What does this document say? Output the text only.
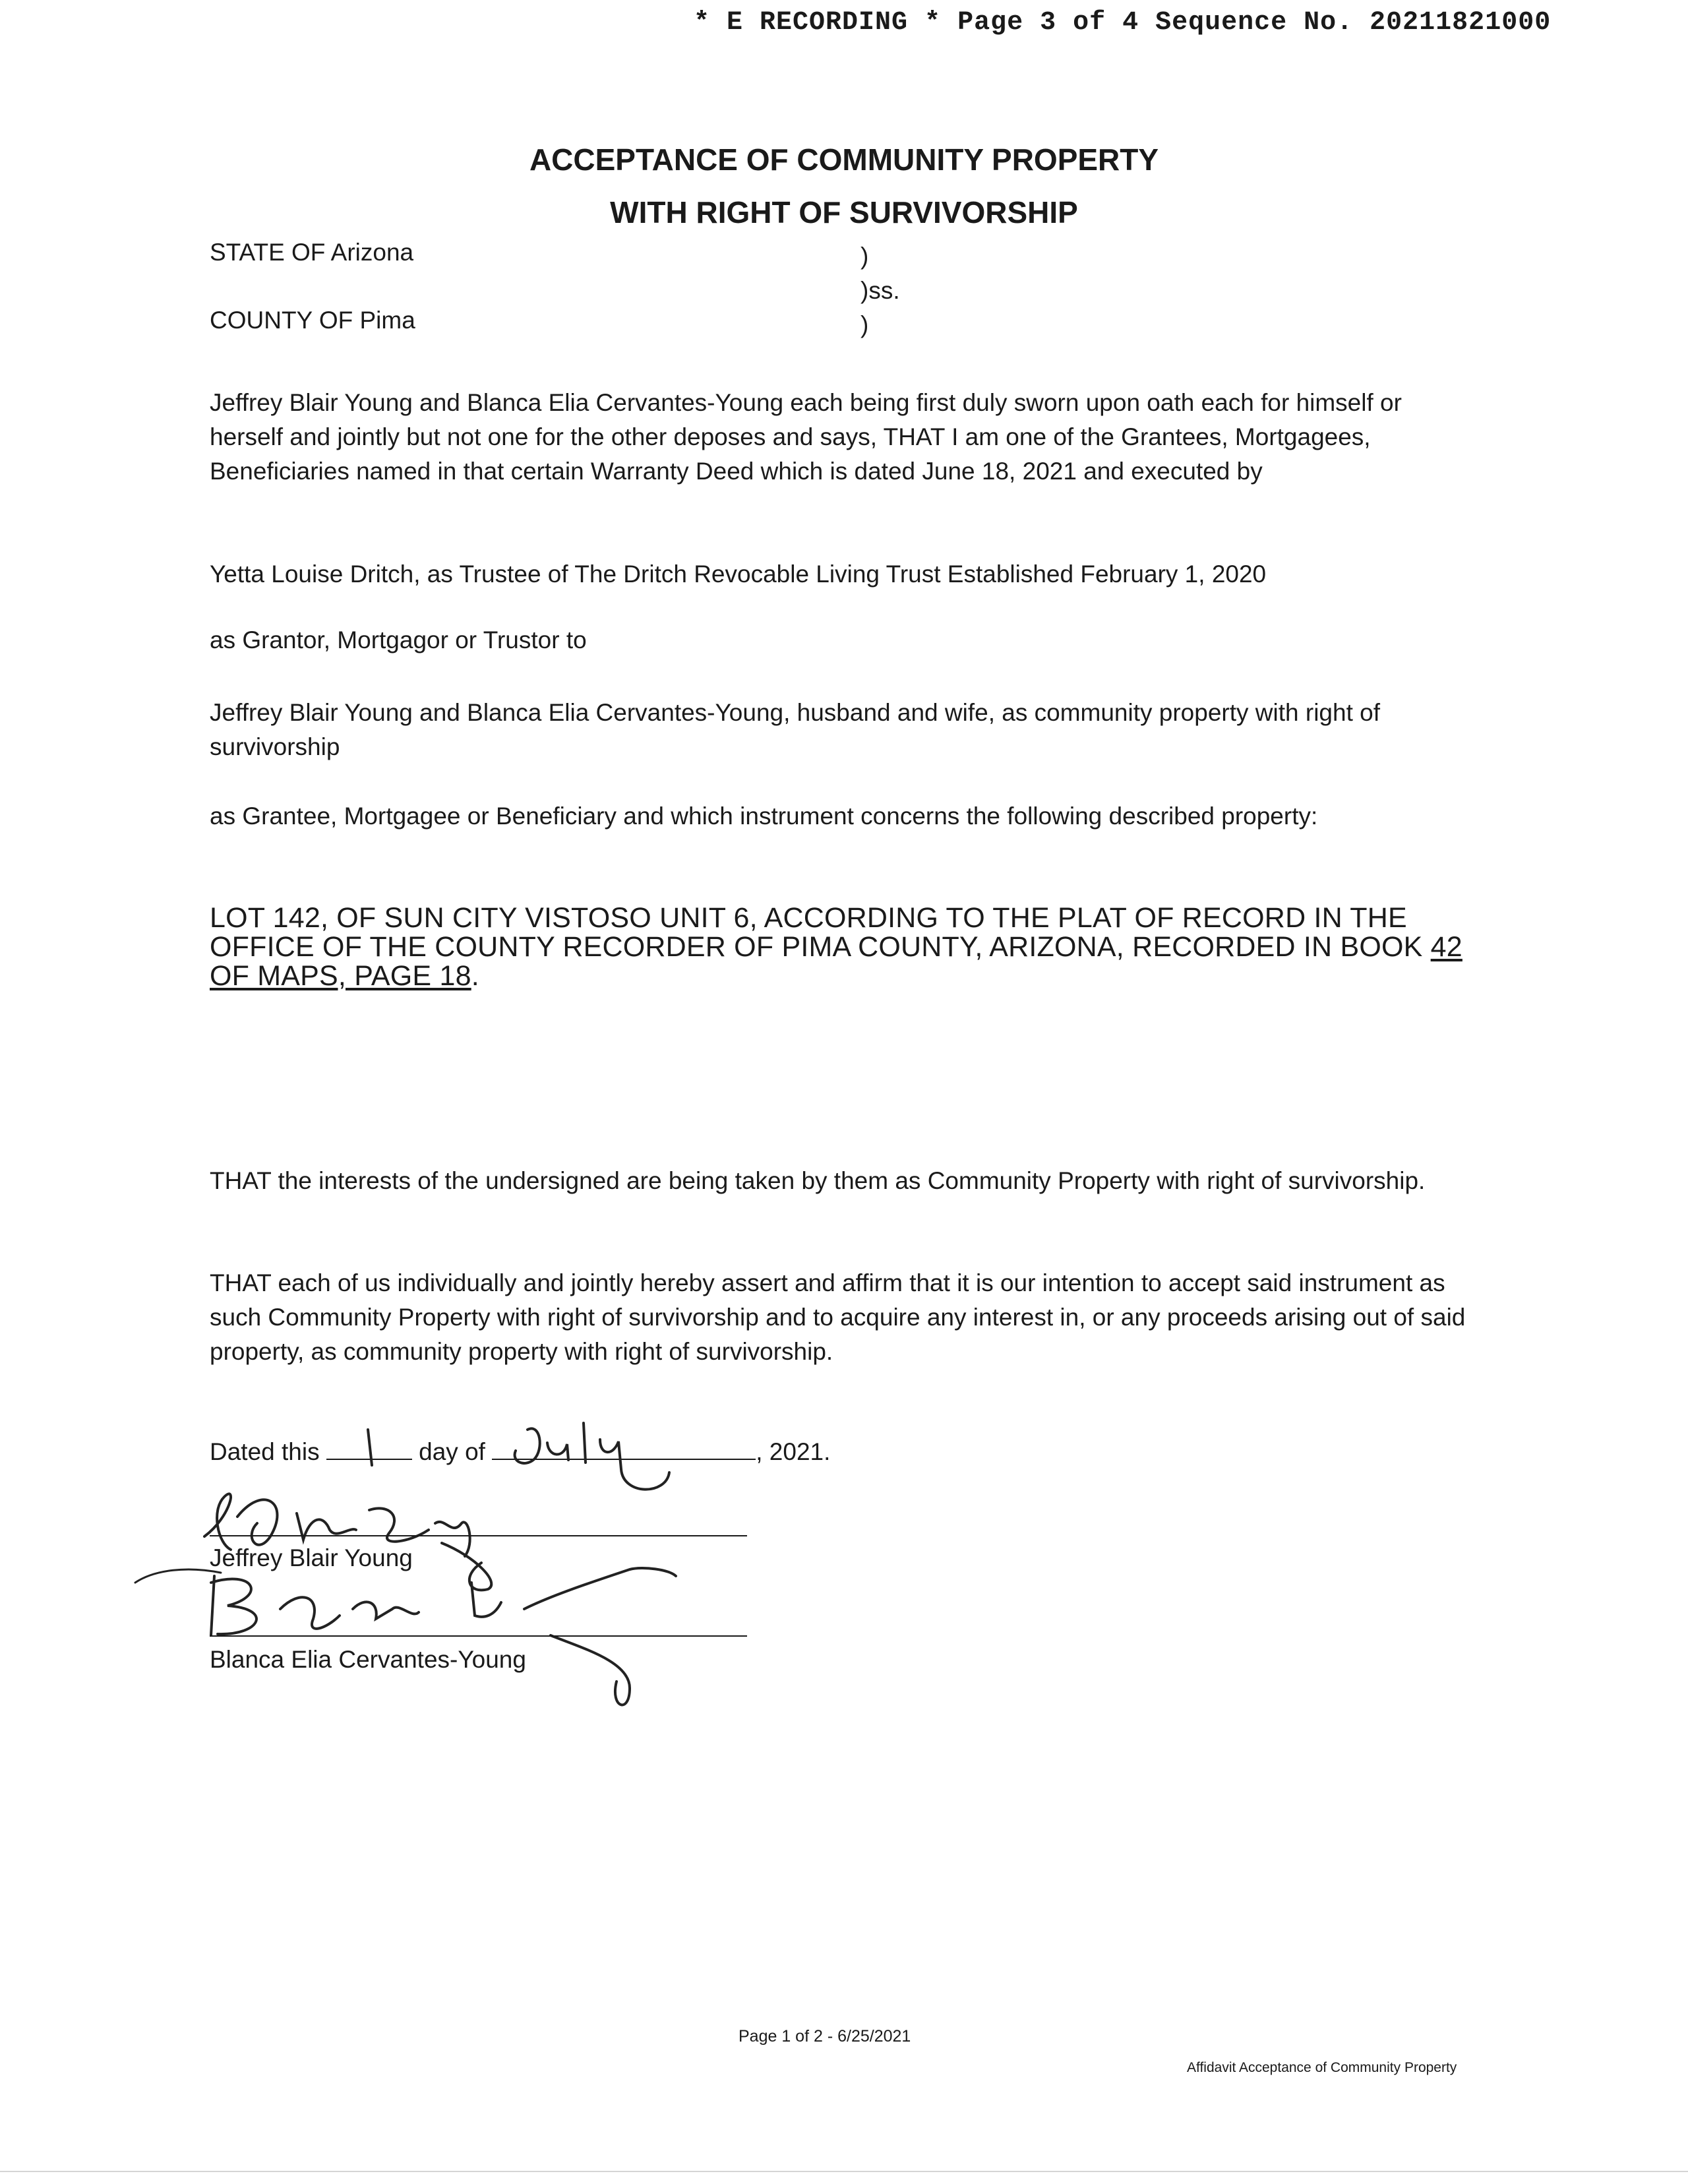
* E RECORDING * Page 3 of 4 Sequence No. 20211821000
ACCEPTANCE OF COMMUNITY PROPERTY
WITH RIGHT OF SURVIVORSHIP
STATE OF Arizona	)
)ss.
COUNTY OF Pima	)
Jeffrey Blair Young and Blanca Elia Cervantes-Young each being first duly sworn upon oath each for himself or herself and jointly but not one for the other deposes and says, THAT I am one of the Grantees, Mortgagees, Beneficiaries named in that certain Warranty Deed which is dated June 18, 2021 and executed by
Yetta Louise Dritch, as Trustee of The Dritch Revocable Living Trust Established February 1, 2020
as Grantor, Mortgagor or Trustor to
Jeffrey Blair Young and Blanca Elia Cervantes-Young, husband and wife, as community property with right of survivorship
as Grantee, Mortgagee or Beneficiary and which instrument concerns the following described property:
LOT 142, OF SUN CITY VISTOSO UNIT 6, ACCORDING TO THE PLAT OF RECORD IN THE OFFICE OF THE COUNTY RECORDER OF PIMA COUNTY, ARIZONA, RECORDED IN BOOK 42 OF MAPS, PAGE 18.
THAT the interests of the undersigned are being taken by them as Community Property with right of survivorship.
THAT each of us individually and jointly hereby assert and affirm that it is our intention to accept said instrument as such Community Property with right of survivorship and to acquire any interest in, or any proceeds arising out of said property, as community property with right of survivorship.
Dated this	day of	, 2021.
Jeffrey Blair Young
Blanca Elia Cervantes-Young
Page 1 of 2 - 6/25/2021
Affidavit Acceptance of Community Property
